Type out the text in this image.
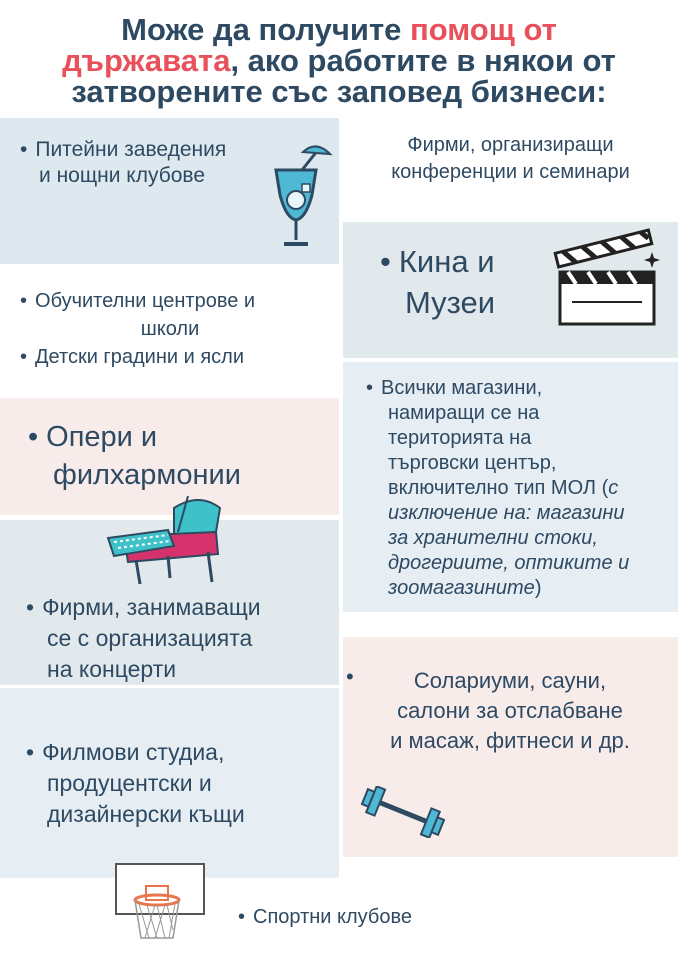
Може да получите помощ от
държавата, ако работите в някои от
затворените със заповед бизнеси:
• Питейни заведения
и нощни клубове
• Обучителни центрове и
школи
• Детски градини и ясли
• Опери и
филхармонии
• Фирми, занимаващи
се с организацията
на концерти
• Филмови студиа,
продуцентски и
дизайнерски къщи
• Спортни клубове
Фирми, организиращи
конференции и семинари
• Кина и
Музеи
• Всички магазини,
намиращи се на
територията на
търговски център,
включително тип МОЛ (с
изключение на: магазини
за хранителни стоки,
дрогериите, оптиките и
зоомагазините)
•	Солариуми, сауни,
салони за отслабване
и масаж, фитнеси и др.
